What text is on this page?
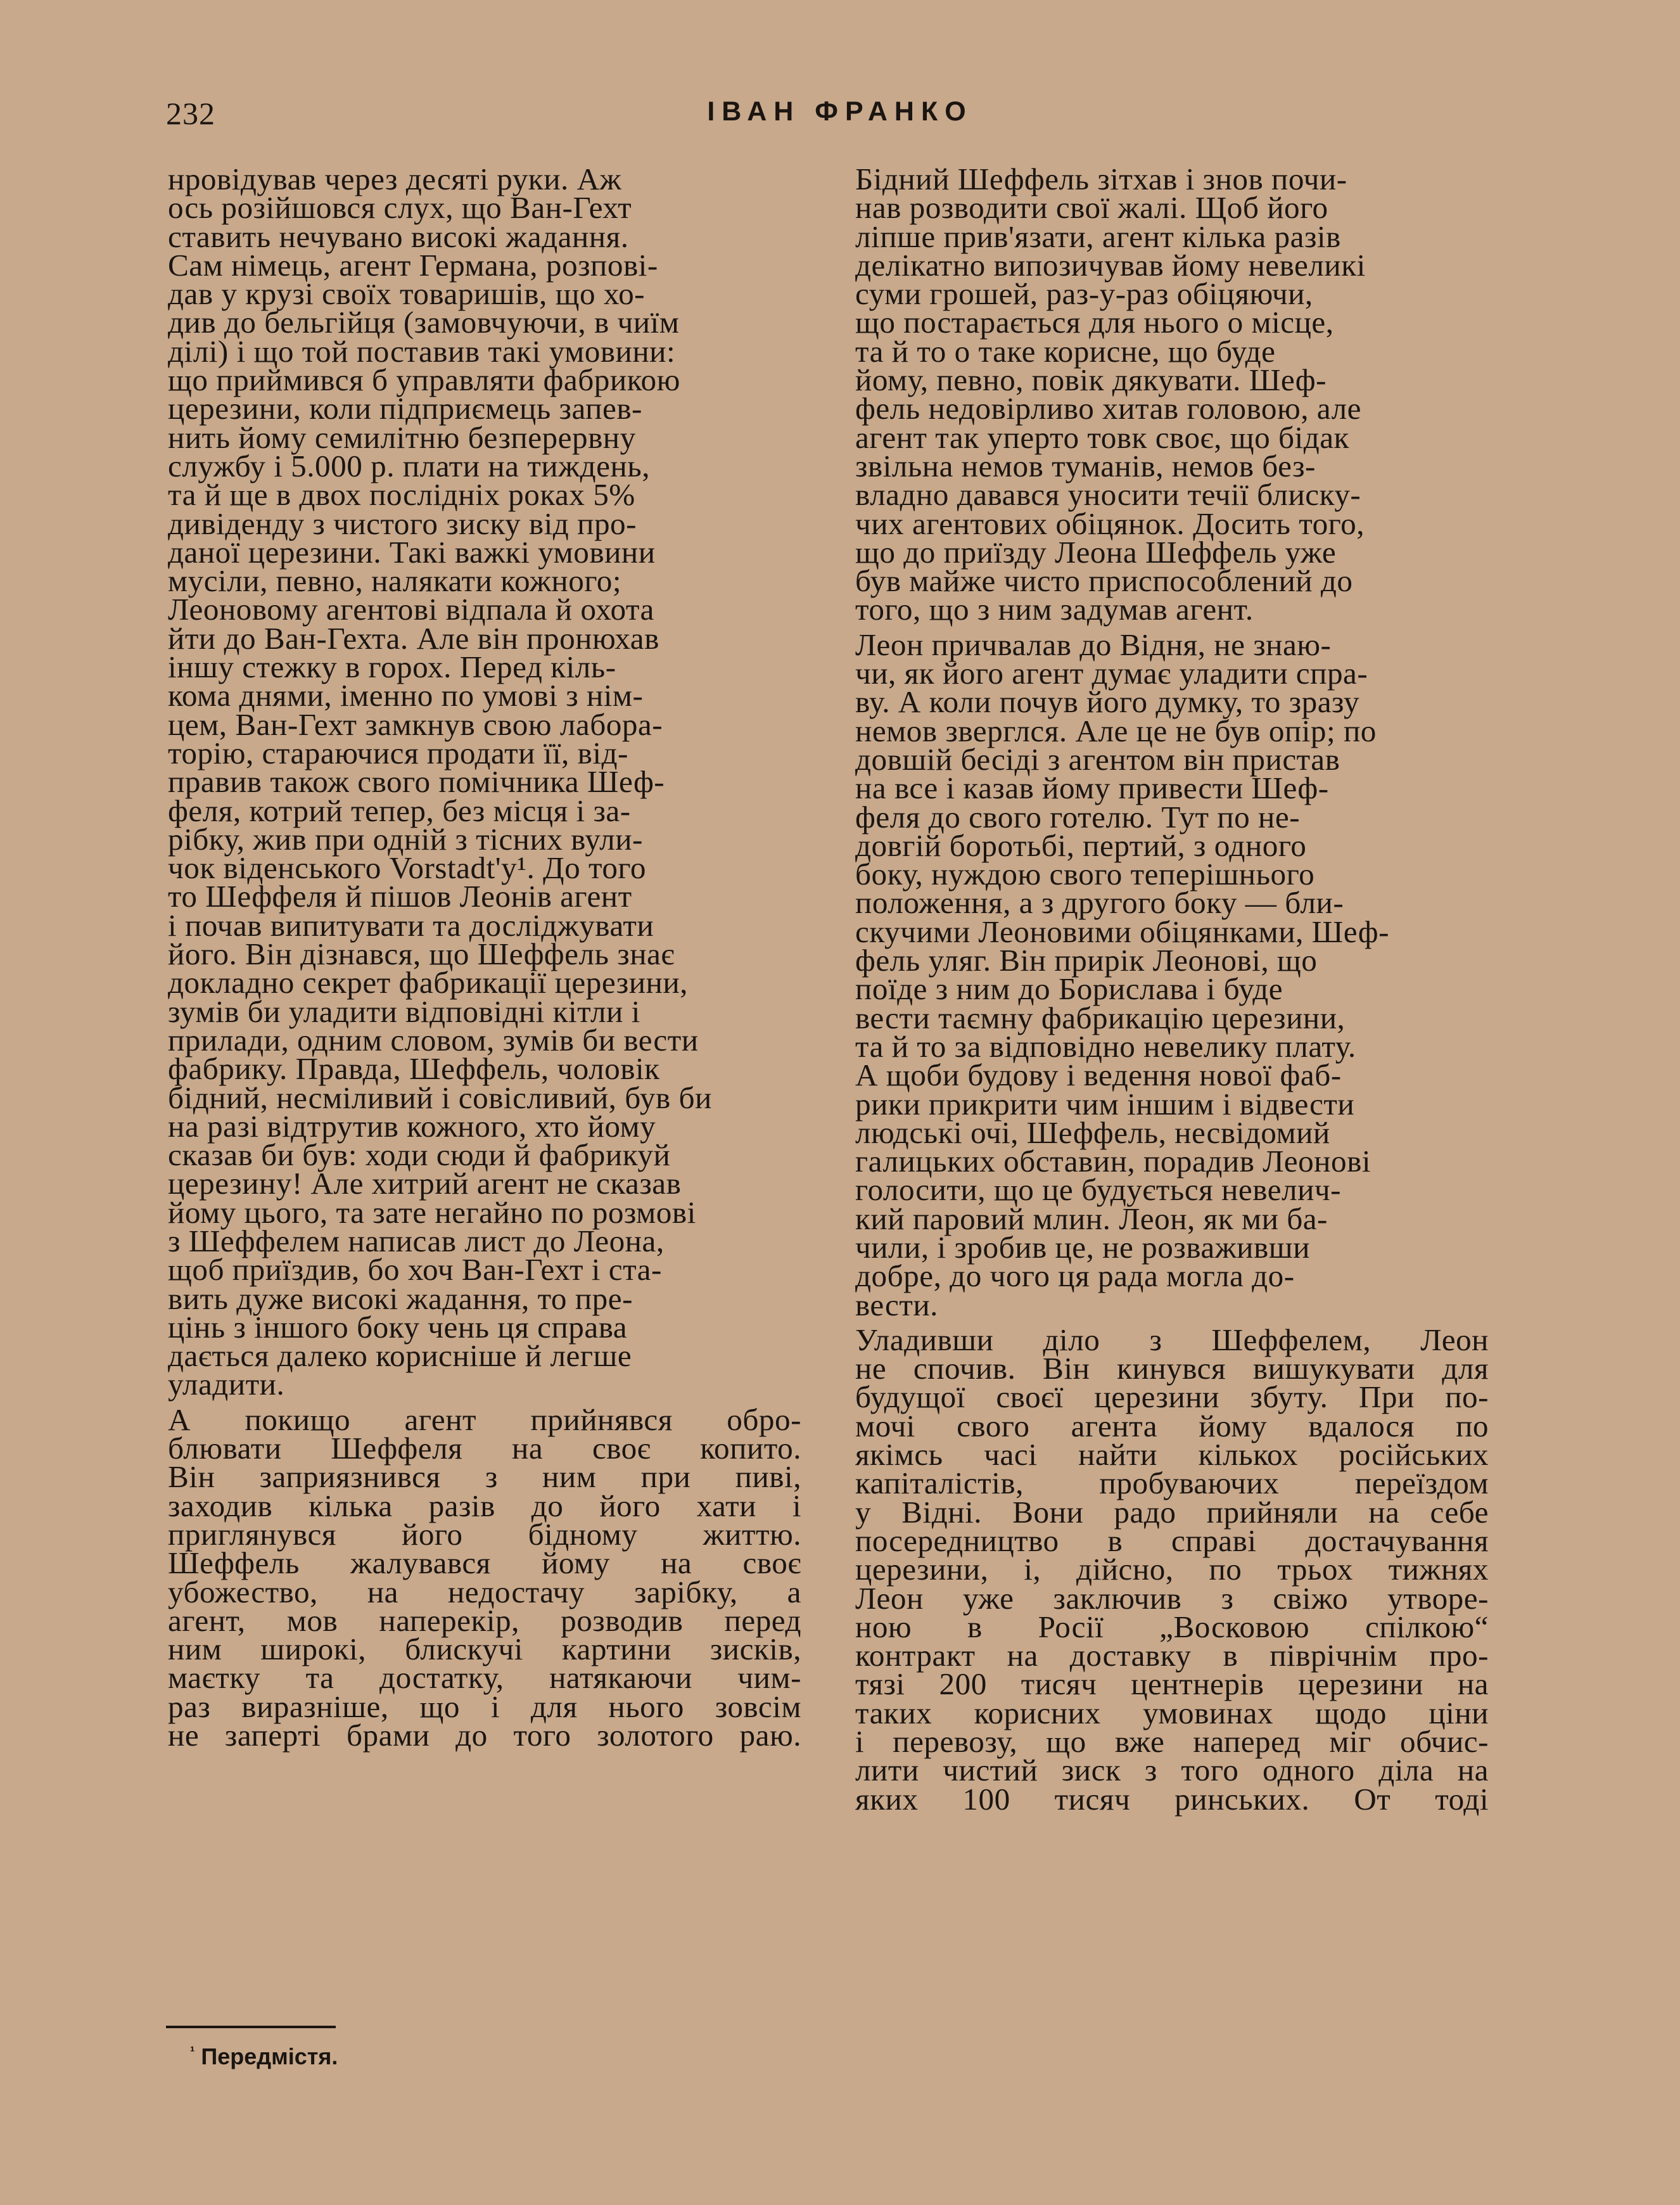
232	ІВАН ФРАНКО

нровідував через десяті руки. Аж
ось розійшовся слух, що Ван-Гехт
ставить нечувано високі жадання.
Сам німець, агент Германа, розпові-
дав у крузі своїх товаришів, що хо-
див до бельгійця (замовчуючи, в чиїм
ділі) і що той поставив такі умовини:
що приймився б управляти фабрикою
церезини, коли підприємець запев-
нить йому семилітню безперервну
службу і 5.000 р. плати на тиждень,
та й ще в двох послідніх роках 5%
дивіденду з чистого зиску від про-
даної церезини. Такі важкі умовини
мусіли, певно, налякати кожного;
Леоновому агентові відпала й охота
йти до Ван-Гехта. Але він пронюхав
іншу стежку в горох. Перед кіль-
кома днями, іменно по умові з нім-
цем, Ван-Гехт замкнув свою лабора-
торію, стараючися продати її, від-
правив також свого помічника Шеф-
феля, котрий тепер, без місця і за-
рібку, жив при одній з тісних вули-
чок віденського Vorstadt'у¹. До того
то Шеффеля й пішов Леонів агент
і почав випитувати та досліджувати
його. Він дізнався, що Шеффель знає
докладно секрет фабрикації церезини,
зумів би уладити відповідні кітли і
прилади, одним словом, зумів би вести
фабрику. Правда, Шеффель, чоловік
бідний, несміливий і совісливий, був би
на разі відтрутив кожного, хто йому
сказав би був: ходи сюди й фабрикуй
церезину! Але хитрий агент не сказав
йому цього, та зате негайно по розмові
з Шеффелем написав лист до Леона,
щоб приїздив, бо хоч Ван-Гехт і ста-
вить дуже високі жадання, то пре-
цінь з іншого боку чень ця справа
дається далеко корисніше й легше
уладити.

А покищо агент прийнявся обро-
блювати Шеффеля на своє копито.
Він заприязнився з ним при пиві,
заходив кілька разів до його хати і
приглянувся його бідному життю.
Шеффель жалувався йому на своє
убожество, на недостачу зарібку, а
агент, мов наперекір, розводив перед
ним широкі, блискучі картини зисків,
маєтку та достатку, натякаючи чим-
раз виразніше, що і для нього зовсім
не заперті брами до того золотого раю.

Бідний Шеффель зітхав і знов почи-
нав розводити свої жалі. Щоб його
ліпше прив'язати, агент кілька разів
делікатно випозичував йому невеликі
суми грошей, раз-у-раз обіцяючи,
що постарається для нього о місце,
та й то о таке корисне, що буде
йому, певно, повік дякувати. Шеф-
фель недовірливо хитав головою, але
агент так уперто товк своє, що бідак
звільна немов туманів, немов без-
владно давався уносити течії блиску-
чих агентових обіцянок. Досить того,
що до приїзду Леона Шеффель уже
був майже чисто приспособлений до
того, що з ним задумав агент.

Леон причвалав до Відня, не знаю-
чи, як його агент думає уладити спра-
ву. А коли почув його думку, то зразу
немов зверглся. Але це не був опір; по
довшій бесіді з агентом він пристав
на все і казав йому привести Шеф-
феля до свого готелю. Тут по не-
довгій боротьбі, пертий, з одного
боку, нуждою свого теперішнього
положення, а з другого боку — бли-
скучими Леоновими обіцянками, Шеф-
фель уляг. Він прирік Леонові, що
поїде з ним до Борислава і буде
вести таємну фабрикацію церезини,
та й то за відповідно невелику плату.
А щоби будову і ведення нової фаб-
рики прикрити чим іншим і відвести
людські очі, Шеффель, несвідомий
галицьких обставин, порадив Леонові
голосити, що це будується невелич-
кий паровий млин. Леон, як ми ба-
чили, і зробив це, не розваживши
добре, до чого ця рада могла до-
вести.

Уладивши діло з Шеффелем, Леон
не спочив. Він кинувся вишукувати для
будущої своєї церезини збуту. При по-
мочі свого агента йому вдалося по
якімсь часі найти кількох російських
капіталістів, пробуваючих переїздом
у Відні. Вони радо прийняли на себе
посередництво в справі достачування
церезини, і, дійсно, по трьох тижнях
Леон уже заключив з свіжо утворе-
ною в Росії „Восковою спілкою“
контракт на доставку в піврічнім про-
тязі 200 тисяч центнерів церезини на
таких корисних умовинах щодо ціни
і перевозу, що вже наперед міг обчис-
лити чистий зиск з того одного діла на
яких 100 тисяч ринських. От тоді

$^{^1}$ Передмістя.
